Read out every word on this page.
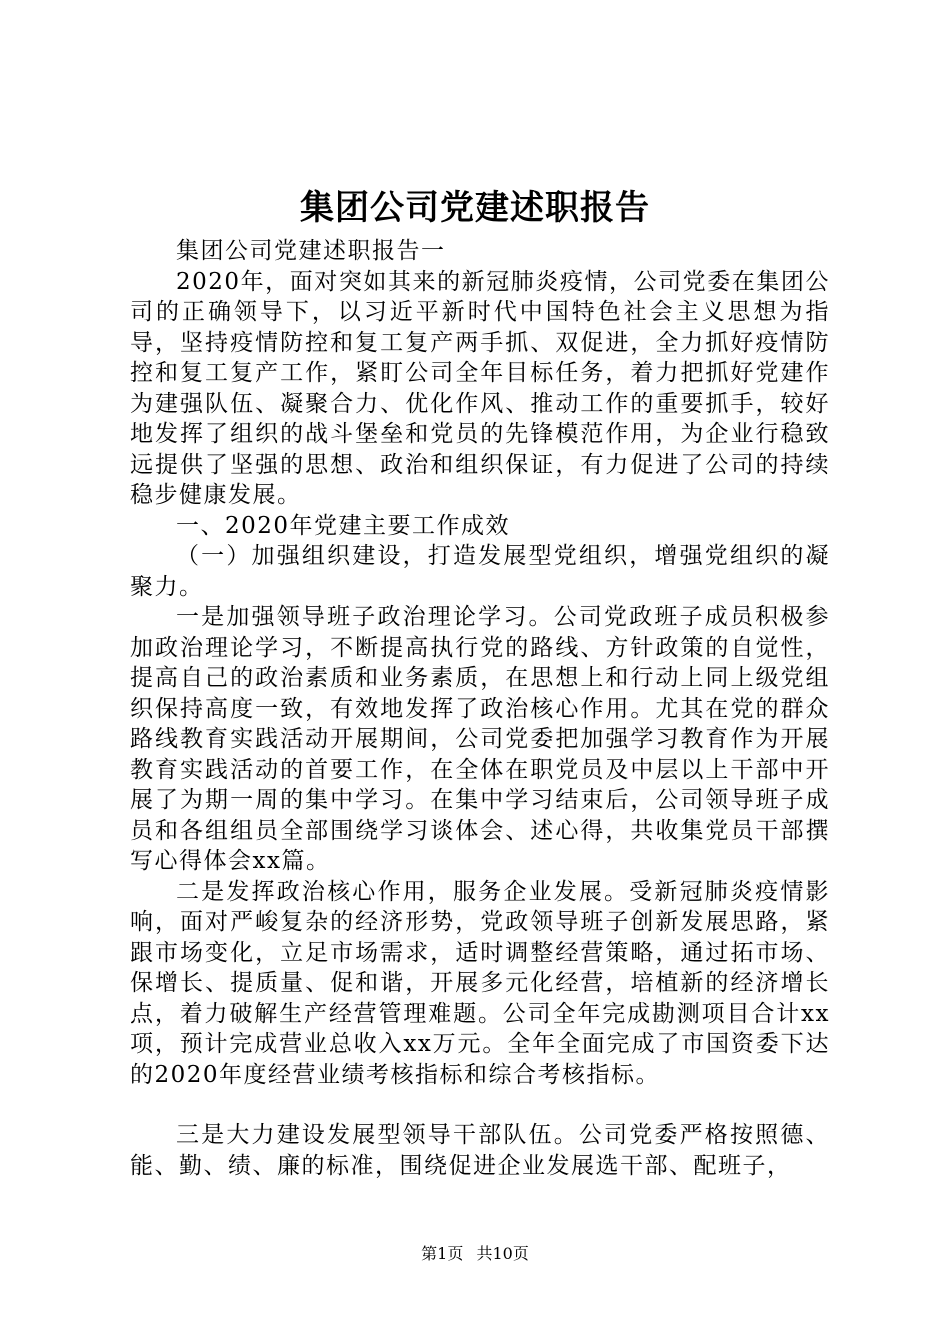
集团公司党建述职报告

集团公司党建述职报告一

2020年，面对突如其来的新冠肺炎疫情，公司党委在集团公司的正确领导下，以习近平新时代中国特色社会主义思想为指导，坚持疫情防控和复工复产两手抓、双促进，全力抓好疫情防控和复工复产工作，紧盯公司全年目标任务，着力把抓好党建作为建强队伍、凝聚合力、优化作风、推动工作的重要抓手，较好地发挥了组织的战斗堡垒和党员的先锋模范作用，为企业行稳致远提供了坚强的思想、政治和组织保证，有力促进了公司的持续稳步健康发展。

一、2020年党建主要工作成效

（一）加强组织建设，打造发展型党组织，增强党组织的凝聚力。

一是加强领导班子政治理论学习。公司党政班子成员积极参加政治理论学习，不断提高执行党的路线、方针政策的自觉性，提高自己的政治素质和业务素质，在思想上和行动上同上级党组织保持高度一致，有效地发挥了政治核心作用。尤其在党的群众路线教育实践活动开展期间，公司党委把加强学习教育作为开展教育实践活动的首要工作，在全体在职党员及中层以上干部中开展了为期一周的集中学习。在集中学习结束后，公司领导班子成员和各组组员全部围绕学习谈体会、述心得，共收集党员干部撰写心得体会xx篇。

二是发挥政治核心作用，服务企业发展。受新冠肺炎疫情影响，面对严峻复杂的经济形势，党政领导班子创新发展思路，紧跟市场变化，立足市场需求，适时调整经营策略，通过拓市场、保增长、提质量、促和谐，开展多元化经营，培植新的经济增长点，着力破解生产经营管理难题。公司全年完成勘测项目合计xx项，预计完成营业总收入xx万元。全年全面完成了市国资委下达的2020年度经营业绩考核指标和综合考核指标。

三是大力建设发展型领导干部队伍。公司党委严格按照德、能、勤、绩、廉的标准，围绕促进企业发展选干部、配班子，

第1页 共10页
